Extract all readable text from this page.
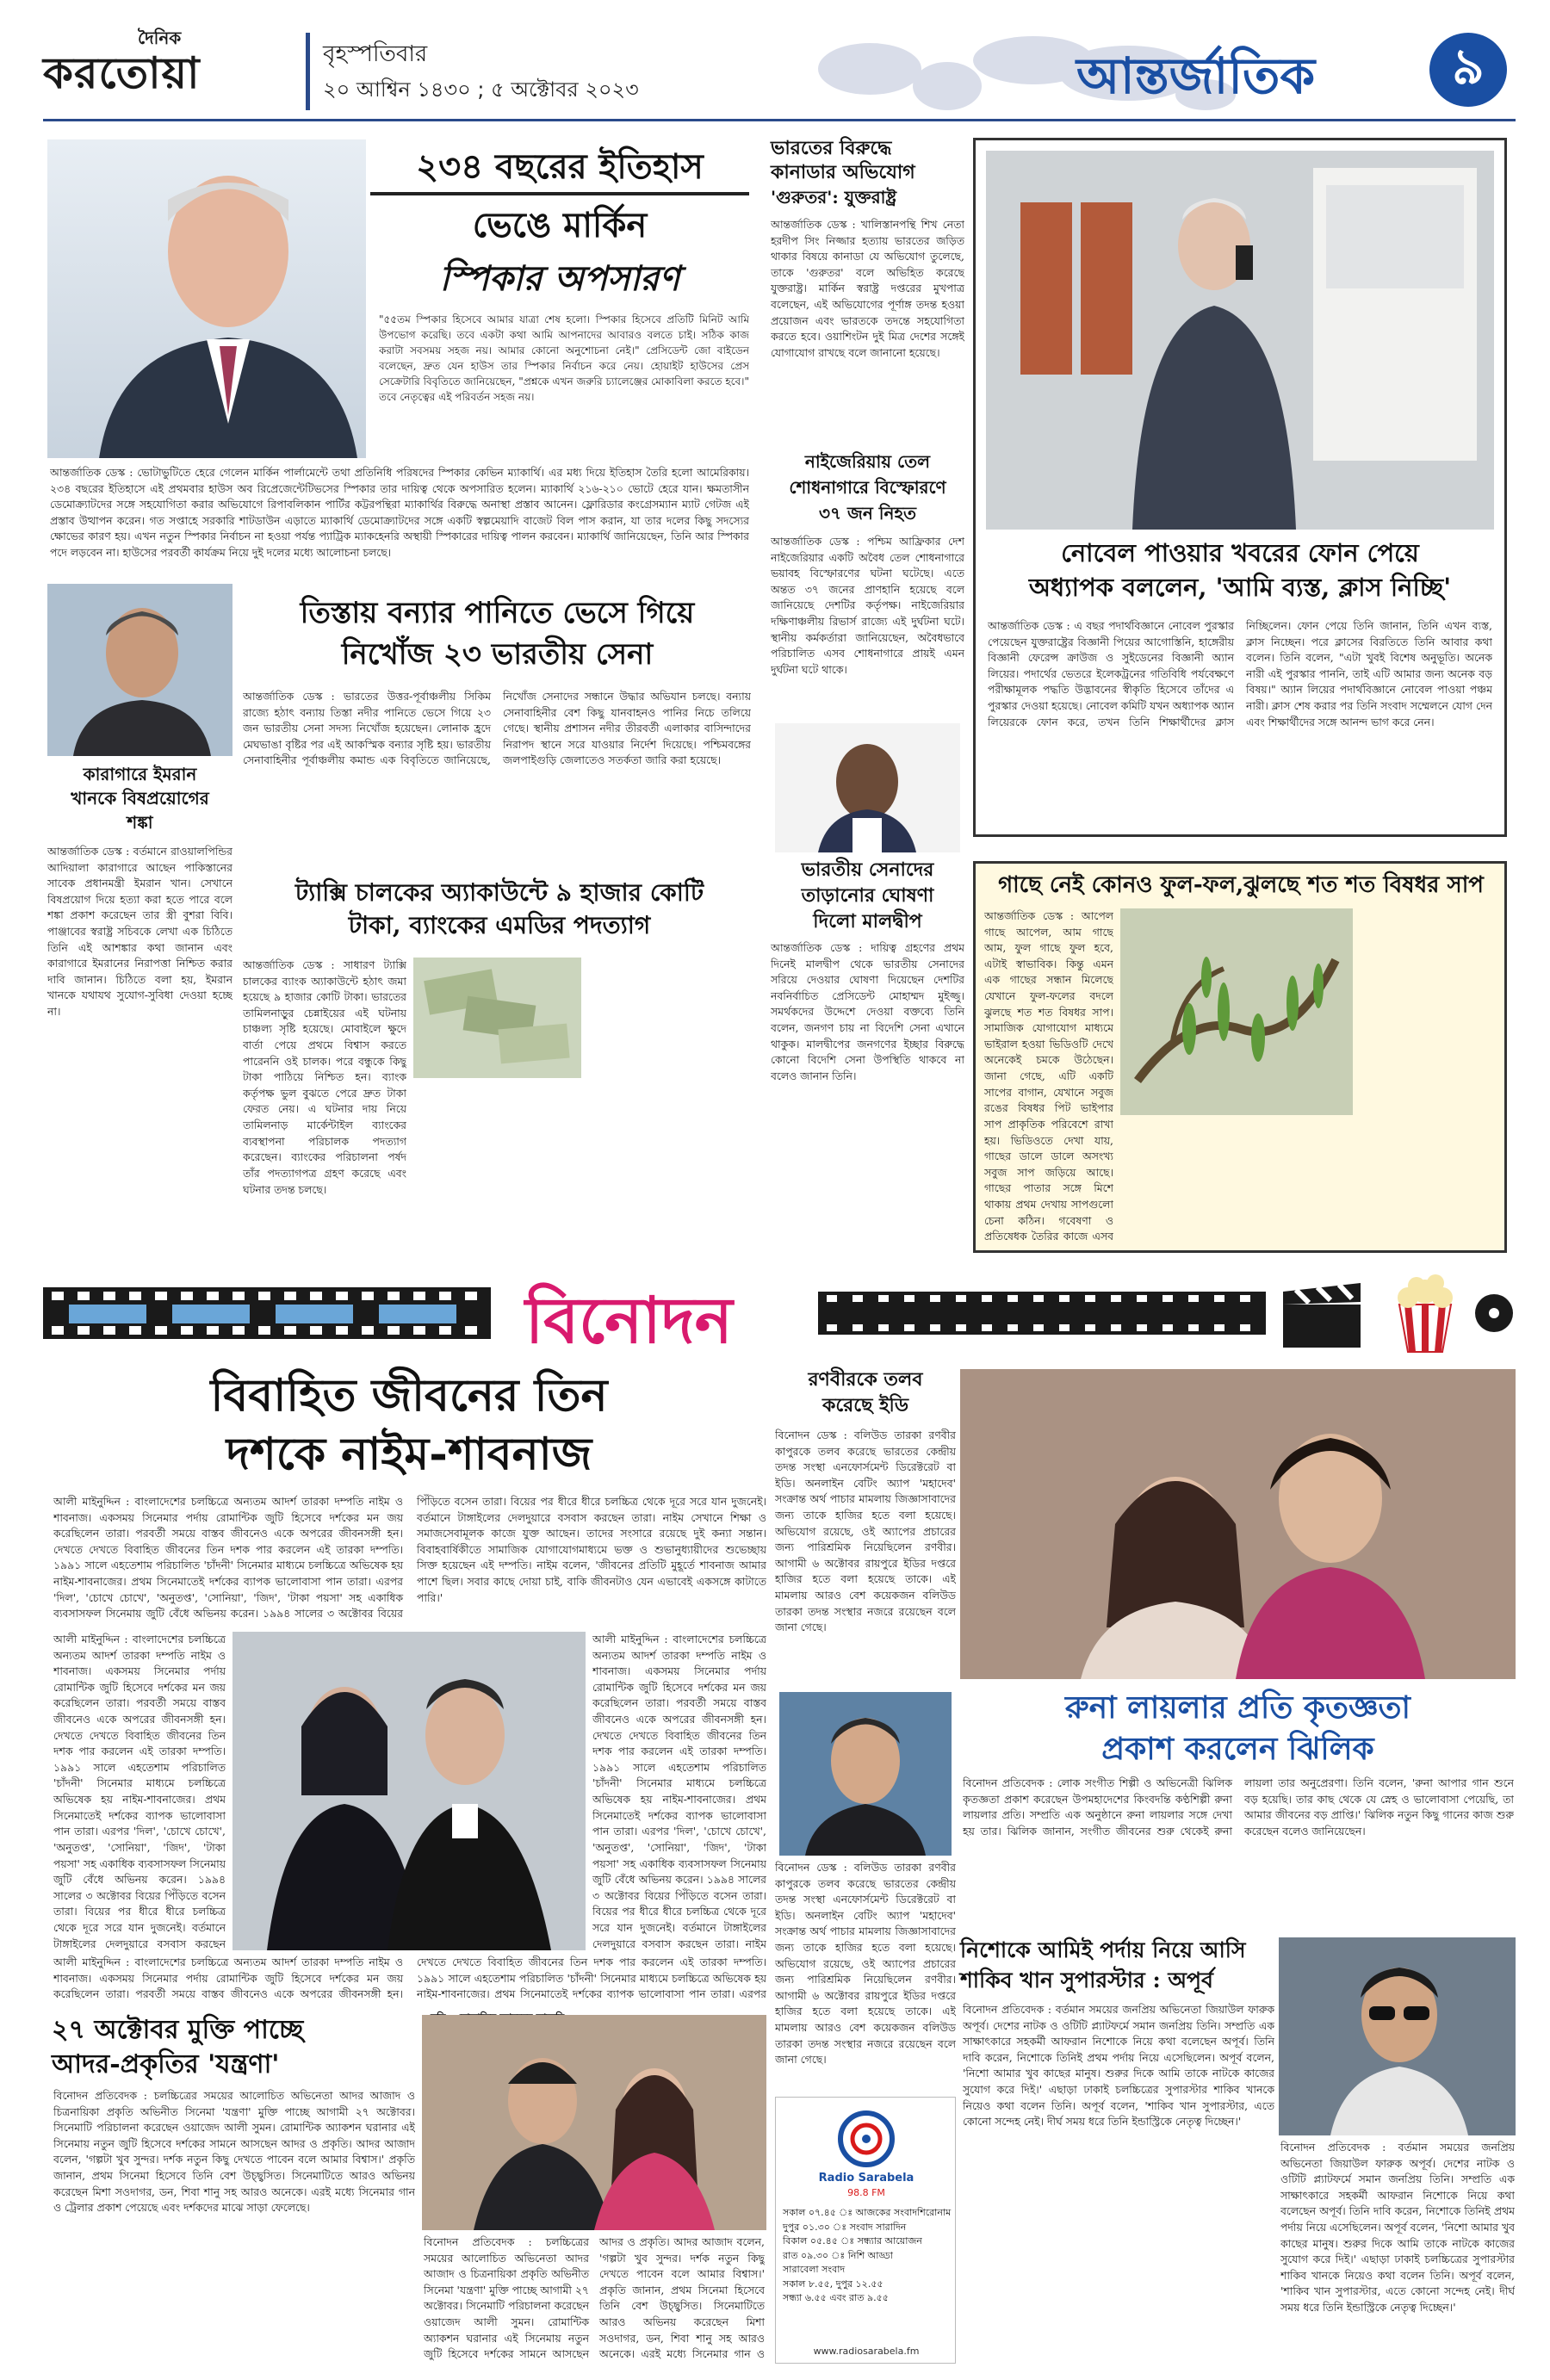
দৈনিক
করতোয়া	বৃহস্পতিবার
২০ আশ্বিন ১৪৩০ ; ৫ অক্টোবর ২০২৩	আন্তর্জাতিক	৯
২৩৪ বছরের ইতিহাস
ভেঙে মার্কিন
স্পিকার অপসারণ
"৫৫তম স্পিকার হিসেবে আমার যাত্রা শেষ হলো। স্পিকার হিসেবে প্রতিটি মিনিট আমি উপভোগ করেছি। তবে একটা কথা আমি আপনাদের আবারও বলতে চাই। সঠিক কাজ করাটা সবসময় সহজ নয়। আমার কোনো অনুশোচনা নেই।" প্রেসিডেন্ট জো বাইডেন বলেছেন, দ্রুত যেন হাউস তার স্পিকার নির্বাচন করে নেয়। হোয়াইট হাউসের প্রেস সেক্রেটারি বিবৃতিতে জানিয়েছেন, "প্রশ্নকে এখন জরুরি চ্যালেঞ্জের মোকাবিলা করতে হবে।" তবে নেতৃত্বের এই পরিবর্তন সহজ নয়।
আন্তর্জাতিক ডেস্ক : ভোটাভুটিতে হেরে গেলেন মার্কিন পার্লামেন্টে তথা প্রতিনিধি পরিষদের স্পিকার কেভিন ম্যাকার্থি। এর মধ্য দিয়ে ইতিহাস তৈরি হলো আমেরিকায়। ২৩৪ বছরের ইতিহাসে এই প্রথমবার হাউস অব রিপ্রেজেন্টেটিভসের স্পিকার তার দায়িত্ব থেকে অপসারিত হলেন। ম্যাকার্থি ২১৬-২১০ ভোটে হেরে যান। ক্ষমতাসীন ডেমোক্র্যাটদের সঙ্গে সহযোগিতা করার অভিযোগে রিপাবলিকান পার্টির কট্টরপন্থিরা ম্যাকার্থির বিরুদ্ধে অনাস্থা প্রস্তাব আনেন। ফ্লোরিডার কংগ্রেসম্যান ম্যাট গেটজ এই প্রস্তাব উত্থাপন করেন। গত সপ্তাহে সরকারি শাটডাউন এড়াতে ম্যাকার্থি ডেমোক্র্যাটদের সঙ্গে একটি স্বল্পমেয়াদি বাজেট বিল পাস করান, যা তার দলের কিছু সদস্যের ক্ষোভের কারণ হয়। এখন নতুন স্পিকার নির্বাচন না হওয়া পর্যন্ত প্যাট্রিক ম্যাকহেনরি অস্থায়ী স্পিকারের দায়িত্ব পালন করবেন। ম্যাকার্থি জানিয়েছেন, তিনি আর স্পিকার পদে লড়বেন না। হাউসের পরবর্তী কার্যক্রম নিয়ে দুই দলের মধ্যে আলোচনা চলছে।
ভারতের বিরুদ্ধে
কানাডার অভিযোগ
'গুরুতর': যুক্তরাষ্ট্র
আন্তর্জাতিক ডেস্ক : খালিস্তানপন্থি শিখ নেতা হরদীপ সিং নিজ্জার হত্যায় ভারতের জড়িত থাকার বিষয়ে কানাডা যে অভিযোগ তুলেছে, তাকে 'গুরুতর' বলে অভিহিত করেছে যুক্তরাষ্ট্র। মার্কিন স্বরাষ্ট্র দপ্তরের মুখপাত্র বলেছেন, এই অভিযোগের পূর্ণাঙ্গ তদন্ত হওয়া প্রয়োজন এবং ভারতকে তদন্তে সহযোগিতা করতে হবে। ওয়াশিংটন দুই মিত্র দেশের সঙ্গেই যোগাযোগ রাখছে বলে জানানো হয়েছে।
নাইজেরিয়ায় তেল
শোধনাগারে বিস্ফোরণে
৩৭ জন নিহত
আন্তর্জাতিক ডেস্ক : পশ্চিম আফ্রিকার দেশ নাইজেরিয়ার একটি অবৈধ তেল শোধনাগারে ভয়াবহ বিস্ফোরণের ঘটনা ঘটেছে। এতে অন্তত ৩৭ জনের প্রাণহানি হয়েছে বলে জানিয়েছে দেশটির কর্তৃপক্ষ। নাইজেরিয়ার দক্ষিণাঞ্চলীয় রিভার্স রাজ্যে এই দুর্ঘটনা ঘটে। স্থানীয় কর্মকর্তারা জানিয়েছেন, অবৈধভাবে পরিচালিত এসব শোধনাগারে প্রায়ই এমন দুর্ঘটনা ঘটে থাকে।
নোবেল পাওয়ার খবরের ফোন পেয়ে
অধ্যাপক বললেন, 'আমি ব্যস্ত, ক্লাস নিচ্ছি'
আন্তর্জাতিক ডেস্ক : এ বছর পদার্থবিজ্ঞানে নোবেল পুরস্কার পেয়েছেন যুক্তরাষ্ট্রের বিজ্ঞানী পিয়ের আগোস্তিনি, হাঙ্গেরীয় বিজ্ঞানী ফেরেন্স ক্রাউজ ও সুইডেনের বিজ্ঞানী অ্যান লিয়ের। পদার্থের ভেতরে ইলেকট্রনের গতিবিধি পর্যবেক্ষণে পরীক্ষামূলক পদ্ধতি উদ্ভাবনের স্বীকৃতি হিসেবে তাঁদের এ পুরস্কার দেওয়া হয়েছে। নোবেল কমিটি যখন অধ্যাপক অ্যান লিয়েরকে ফোন করে, তখন তিনি শিক্ষার্থীদের ক্লাস নিচ্ছিলেন। ফোন পেয়ে তিনি জানান, তিনি এখন ব্যস্ত, ক্লাস নিচ্ছেন। পরে ক্লাসের বিরতিতে তিনি আবার কথা বলেন। তিনি বলেন, "এটা খুবই বিশেষ অনুভূতি। অনেক নারী এই পুরস্কার পাননি, তাই এটি আমার জন্য অনেক বড় বিষয়।" অ্যান লিয়ের পদার্থবিজ্ঞানে নোবেল পাওয়া পঞ্চম নারী। ক্লাস শেষ করার পর তিনি সংবাদ সম্মেলনে যোগ দেন এবং শিক্ষার্থীদের সঙ্গে আনন্দ ভাগ করে নেন।
কারাগারে ইমরান
খানকে বিষপ্রয়োগের
শঙ্কা
আন্তর্জাতিক ডেস্ক : বর্তমানে রাওয়ালপিন্ডির আদিয়ালা কারাগারে আছেন পাকিস্তানের সাবেক প্রধানমন্ত্রী ইমরান খান। সেখানে বিষপ্রয়োগ দিয়ে হত্যা করা হতে পারে বলে শঙ্কা প্রকাশ করেছেন তার স্ত্রী বুশরা বিবি। পাঞ্জাবের স্বরাষ্ট্র সচিবকে লেখা এক চিঠিতে তিনি এই আশঙ্কার কথা জানান এবং কারাগারে ইমরানের নিরাপত্তা নিশ্চিত করার দাবি জানান। চিঠিতে বলা হয়, ইমরান খানকে যথাযথ সুযোগ-সুবিধা দেওয়া হচ্ছে না।
তিস্তায় বন্যার পানিতে ভেসে গিয়ে
নিখোঁজ ২৩ ভারতীয় সেনা
আন্তর্জাতিক ডেস্ক : ভারতের উত্তর-পূর্বাঞ্চলীয় সিকিম রাজ্যে হঠাৎ বন্যায় তিস্তা নদীর পানিতে ভেসে গিয়ে ২৩ জন ভারতীয় সেনা সদস্য নিখোঁজ হয়েছেন। লোনাক হ্রদে মেঘভাঙা বৃষ্টির পর এই আকস্মিক বন্যার সৃষ্টি হয়। ভারতীয় সেনাবাহিনীর পূর্বাঞ্চলীয় কমান্ড এক বিবৃতিতে জানিয়েছে, নিখোঁজ সেনাদের সন্ধানে উদ্ধার অভিযান চলছে। বন্যায় সেনাবাহিনীর বেশ কিছু যানবাহনও পানির নিচে তলিয়ে গেছে। স্থানীয় প্রশাসন নদীর তীরবর্তী এলাকার বাসিন্দাদের নিরাপদ স্থানে সরে যাওয়ার নির্দেশ দিয়েছে। পশ্চিমবঙ্গের জলপাইগুড়ি জেলাতেও সতর্কতা জারি করা হয়েছে।
ভারতীয় সেনাদের
তাড়ানোর ঘোষণা
দিলো মালদ্বীপ
আন্তর্জাতিক ডেস্ক : দায়িত্ব গ্রহণের প্রথম দিনেই মালদ্বীপ থেকে ভারতীয় সেনাদের সরিয়ে দেওয়ার ঘোষণা দিয়েছেন দেশটির নবনির্বাচিত প্রেসিডেন্ট মোহাম্মদ মুইজ্জু। সমর্থকদের উদ্দেশে দেওয়া বক্তব্যে তিনি বলেন, জনগণ চায় না বিদেশি সেনা এখানে থাকুক। মালদ্বীপের জনগণের ইচ্ছার বিরুদ্ধে কোনো বিদেশি সেনা উপস্থিতি থাকবে না বলেও জানান তিনি।
ট্যাক্সি চালকের অ্যাকাউন্টে ৯ হাজার কোটি
টাকা, ব্যাংকের এমডির পদত্যাগ
আন্তর্জাতিক ডেস্ক : সাধারণ ট্যাক্সি চালকের ব্যাংক অ্যাকাউন্টে হঠাৎ জমা হয়েছে ৯ হাজার কোটি টাকা। ভারতের তামিলনাড়ুর চেন্নাইয়ের এই ঘটনায় চাঞ্চল্য সৃষ্টি হয়েছে। মোবাইলে ক্ষুদে বার্তা পেয়ে প্রথমে বিশ্বাস করতে পারেননি ওই চালক। পরে বন্ধুকে কিছু টাকা পাঠিয়ে নিশ্চিত হন। ব্যাংক কর্তৃপক্ষ ভুল বুঝতে পেরে দ্রুত টাকা ফেরত নেয়। এ ঘটনার দায় নিয়ে তামিলনাড় মার্কেন্টাইল ব্যাংকের ব্যবস্থাপনা পরিচালক পদত্যাগ করেছেন। ব্যাংকের পরিচালনা পর্ষদ তাঁর পদত্যাগপত্র গ্রহণ করেছে এবং ঘটনার তদন্ত চলছে।
গাছে নেই কোনও ফুল-ফল,ঝুলছে শত শত বিষধর সাপ
আন্তর্জাতিক ডেস্ক : আপেল গাছে আপেল, আম গাছে আম, ফুল গাছে ফুল হবে, এটাই স্বাভাবিক। কিন্তু এমন এক গাছের সন্ধান মিলেছে যেখানে ফুল-ফলের বদলে ঝুলছে শত শত বিষধর সাপ। সামাজিক যোগাযোগ মাধ্যমে ভাইরাল হওয়া ভিডিওটি দেখে অনেকেই চমকে উঠেছেন। জানা গেছে, এটি একটি সাপের বাগান, যেখানে সবুজ রঙের বিষধর পিট ভাইপার সাপ প্রাকৃতিক পরিবেশে রাখা হয়। ভিডিওতে দেখা যায়, গাছের ডালে ডালে অসংখ্য সবুজ সাপ জড়িয়ে আছে। গাছের পাতার সঙ্গে মিশে থাকায় প্রথম দেখায় সাপগুলো চেনা কঠিন। গবেষণা ও প্রতিষেধক তৈরির কাজে এসব
বিনোদন
বিবাহিত জীবনের তিন
দশকে নাইম-শাবনাজ
আলী মাইনুদ্দিন : বাংলাদেশের চলচ্চিত্রে অন্যতম আদর্শ তারকা দম্পতি নাইম ও শাবনাজ। একসময় সিনেমার পর্দায় রোমান্টিক জুটি হিসেবে দর্শকের মন জয় করেছিলেন তারা। পরবর্তী সময়ে বাস্তব জীবনেও একে অপরের জীবনসঙ্গী হন। দেখতে দেখতে বিবাহিত জীবনের তিন দশক পার করলেন এই তারকা দম্পতি। ১৯৯১ সালে এহতেশাম পরিচালিত 'চাঁদনী' সিনেমার মাধ্যমে চলচ্চিত্রে অভিষেক হয় নাইম-শাবনাজের। প্রথম সিনেমাতেই দর্শকের ব্যাপক ভালোবাসা পান তারা। এরপর 'দিল', 'চোখে চোখে', 'অনুতপ্ত', 'সোনিয়া', 'জিদ', 'টাকা পয়সা' সহ একাধিক ব্যবসাসফল সিনেমায় জুটি বেঁধে অভিনয় করেন। ১৯৯৪ সালের ৩ অক্টোবর বিয়ের পিঁড়িতে বসেন তারা। বিয়ের পর ধীরে ধীরে চলচ্চিত্র থেকে দূরে সরে যান দুজনেই। বর্তমানে টাঙ্গাইলের দেলদুয়ারে বসবাস করছেন তারা। নাইম সেখানে শিক্ষা ও সমাজসেবামূলক কাজে যুক্ত আছেন। তাদের সংসারে রয়েছে দুই কন্যা সন্তান। বিবাহবার্ষিকীতে সামাজিক যোগাযোগমাধ্যমে ভক্ত ও শুভানুধ্যায়ীদের শুভেচ্ছায় সিক্ত হয়েছেন এই দম্পতি। নাইম বলেন, 'জীবনের প্রতিটি মুহূর্তে শাবনাজ আমার পাশে ছিল। সবার কাছে দোয়া চাই, বাকি জীবনটাও যেন এভাবেই একসঙ্গে কাটাতে পারি।'
আলী মাইনুদ্দিন : বাংলাদেশের চলচ্চিত্রে অন্যতম আদর্শ তারকা দম্পতি নাইম ও শাবনাজ। একসময় সিনেমার পর্দায় রোমান্টিক জুটি হিসেবে দর্শকের মন জয় করেছিলেন তারা। পরবর্তী সময়ে বাস্তব জীবনেও একে অপরের জীবনসঙ্গী হন। দেখতে দেখতে বিবাহিত জীবনের তিন দশক পার করলেন এই তারকা দম্পতি। ১৯৯১ সালে এহতেশাম পরিচালিত 'চাঁদনী' সিনেমার মাধ্যমে চলচ্চিত্রে অভিষেক হয় নাইম-শাবনাজের। প্রথম সিনেমাতেই দর্শকের ব্যাপক ভালোবাসা পান তারা। এরপর 'দিল', 'চোখে চোখে', 'অনুতপ্ত', 'সোনিয়া', 'জিদ', 'টাকা পয়সা' সহ একাধিক ব্যবসাসফল সিনেমায় জুটি বেঁধে অভিনয় করেন। ১৯৯৪ সালের ৩ অক্টোবর বিয়ের পিঁড়িতে বসেন তারা। বিয়ের পর ধীরে ধীরে চলচ্চিত্র থেকে দূরে সরে যান দুজনেই। বর্তমানে টাঙ্গাইলের দেলদুয়ারে বসবাস করছেন
আলী মাইনুদ্দিন : বাংলাদেশের চলচ্চিত্রে অন্যতম আদর্শ তারকা দম্পতি নাইম ও শাবনাজ। একসময় সিনেমার পর্দায় রোমান্টিক জুটি হিসেবে দর্শকের মন জয় করেছিলেন তারা। পরবর্তী সময়ে বাস্তব জীবনেও একে অপরের জীবনসঙ্গী হন। দেখতে দেখতে বিবাহিত জীবনের তিন দশক পার করলেন এই তারকা দম্পতি। ১৯৯১ সালে এহতেশাম পরিচালিত 'চাঁদনী' সিনেমার মাধ্যমে চলচ্চিত্রে অভিষেক হয় নাইম-শাবনাজের। প্রথম সিনেমাতেই দর্শকের ব্যাপক ভালোবাসা পান তারা। এরপর 'দিল', 'চোখে চোখে', 'অনুতপ্ত', 'সোনিয়া', 'জিদ', 'টাকা পয়সা' সহ একাধিক ব্যবসাসফল সিনেমায় জুটি বেঁধে অভিনয় করেন। ১৯৯৪ সালের ৩ অক্টোবর বিয়ের পিঁড়িতে বসেন তারা। বিয়ের পর ধীরে ধীরে চলচ্চিত্র থেকে দূরে সরে যান দুজনেই। বর্তমানে টাঙ্গাইলের দেলদুয়ারে বসবাস করছেন তারা। নাইম
আলী মাইনুদ্দিন : বাংলাদেশের চলচ্চিত্রে অন্যতম আদর্শ তারকা দম্পতি নাইম ও শাবনাজ। একসময় সিনেমার পর্দায় রোমান্টিক জুটি হিসেবে দর্শকের মন জয় করেছিলেন তারা। পরবর্তী সময়ে বাস্তব জীবনেও একে অপরের জীবনসঙ্গী হন। দেখতে দেখতে বিবাহিত জীবনের তিন দশক পার করলেন এই তারকা দম্পতি। ১৯৯১ সালে এহতেশাম পরিচালিত 'চাঁদনী' সিনেমার মাধ্যমে চলচ্চিত্রে অভিষেক হয় নাইম-শাবনাজের। প্রথম সিনেমাতেই দর্শকের ব্যাপক ভালোবাসা পান তারা। এরপর
রণবীরকে তলব
করেছে ইডি
বিনোদন ডেস্ক : বলিউড তারকা রণবীর কাপুরকে তলব করেছে ভারতের কেন্দ্রীয় তদন্ত সংস্থা এনফোর্সমেন্ট ডিরেক্টরেট বা ইডি। অনলাইন বেটিং অ্যাপ 'মহাদেব' সংক্রান্ত অর্থ পাচার মামলায় জিজ্ঞাসাবাদের জন্য তাকে হাজির হতে বলা হয়েছে। অভিযোগ রয়েছে, ওই অ্যাপের প্রচারের জন্য পারিশ্রমিক নিয়েছিলেন রণবীর। আগামী ৬ অক্টোবর রায়পুরে ইডির দপ্তরে হাজির হতে বলা হয়েছে তাকে। এই মামলায় আরও বেশ কয়েকজন বলিউড তারকা তদন্ত সংস্থার নজরে রয়েছেন বলে জানা গেছে।
বিনোদন ডেস্ক : বলিউড তারকা রণবীর কাপুরকে তলব করেছে ভারতের কেন্দ্রীয় তদন্ত সংস্থা এনফোর্সমেন্ট ডিরেক্টরেট বা ইডি। অনলাইন বেটিং অ্যাপ 'মহাদেব' সংক্রান্ত অর্থ পাচার মামলায় জিজ্ঞাসাবাদের জন্য তাকে হাজির হতে বলা হয়েছে। অভিযোগ রয়েছে, ওই অ্যাপের প্রচারের জন্য পারিশ্রমিক নিয়েছিলেন রণবীর। আগামী ৬ অক্টোবর রায়পুরে ইডির দপ্তরে হাজির হতে বলা হয়েছে তাকে। এই মামলায় আরও বেশ কয়েকজন বলিউড তারকা তদন্ত সংস্থার নজরে রয়েছেন বলে জানা গেছে।
রুনা লায়লার প্রতি কৃতজ্ঞতা
প্রকাশ করলেন ঝিলিক
বিনোদন প্রতিবেদক : লোক সংগীত শিল্পী ও অভিনেত্রী ঝিলিক কৃতজ্ঞতা প্রকাশ করেছেন উপমহাদেশের কিংবদন্তি কণ্ঠশিল্পী রুনা লায়লার প্রতি। সম্প্রতি এক অনুষ্ঠানে রুনা লায়লার সঙ্গে দেখা হয় তার। ঝিলিক জানান, সংগীত জীবনের শুরু থেকেই রুনা লায়লা তার অনুপ্রেরণা। তিনি বলেন, 'রুনা আপার গান শুনে বড় হয়েছি। তার কাছ থেকে যে স্নেহ ও ভালোবাসা পেয়েছি, তা আমার জীবনের বড় প্রাপ্তি।' ঝিলিক নতুন কিছু গানের কাজ শুরু করেছেন বলেও জানিয়েছেন।
২৭ অক্টোবর মুক্তি পাচ্ছে
আদর-প্রকৃতির 'যন্ত্রণা'
বিনোদন প্রতিবেদক : চলচ্চিত্রের সময়ের আলোচিত অভিনেতা আদর আজাদ ও চিত্রনায়িকা প্রকৃতি অভিনীত সিনেমা 'যন্ত্রণা' মুক্তি পাচ্ছে আগামী ২৭ অক্টোবর। সিনেমাটি পরিচালনা করেছেন ওয়াজেদ আলী সুমন। রোমান্টিক অ্যাকশন ঘরানার এই সিনেমায় নতুন জুটি হিসেবে দর্শকের সামনে আসছেন আদর ও প্রকৃতি। আদর আজাদ বলেন, 'গল্পটা খুব সুন্দর। দর্শক নতুন কিছু দেখতে পাবেন বলে আমার বিশ্বাস।' প্রকৃতি জানান, প্রথম সিনেমা হিসেবে তিনি বেশ উচ্ছ্বসিত। সিনেমাটিতে আরও অভিনয় করেছেন মিশা সওদাগর, ডন, শিবা শানু সহ আরও অনেকে। এরই মধ্যে সিনেমার গান ও ট্রেলার প্রকাশ পেয়েছে এবং দর্শকদের মাঝে সাড়া ফেলেছে।
বিনোদন প্রতিবেদক : চলচ্চিত্রের সময়ের আলোচিত অভিনেতা আদর আজাদ ও চিত্রনায়িকা প্রকৃতি অভিনীত সিনেমা 'যন্ত্রণা' মুক্তি পাচ্ছে আগামী ২৭ অক্টোবর। সিনেমাটি পরিচালনা করেছেন ওয়াজেদ আলী সুমন। রোমান্টিক অ্যাকশন ঘরানার এই সিনেমায় নতুন জুটি হিসেবে দর্শকের সামনে আসছেন আদর ও প্রকৃতি। আদর আজাদ বলেন, 'গল্পটা খুব সুন্দর। দর্শক নতুন কিছু দেখতে পাবেন বলে আমার বিশ্বাস।' প্রকৃতি জানান, প্রথম সিনেমা হিসেবে তিনি বেশ উচ্ছ্বসিত। সিনেমাটিতে আরও অভিনয় করেছেন মিশা সওদাগর, ডন, শিবা শানু সহ আরও অনেকে। এরই মধ্যে সিনেমার গান ও
Radio Sarabela
98.8 FM
সকাল ০৭.৪৫ ঃ আজকের সংবাদশিরোনাম
দুপুর ০১.৩০ ঃ সংবাদ সারাদিন
বিকাল ০৫.৪৫ ঃ সন্ধ্যার আয়োজন
রাত ০৯.৩০ ঃ নিশি আড্ডা
সারাবেলা সংবাদ
সকাল ৮.৫৫, দুপুর ১২.৫৫
সন্ধ্যা ৬.৫৫ এবং রাত ৯.৫৫
www.radiosarabela.fm
নিশোকে আমিই পর্দায় নিয়ে আসি
শাকিব খান সুপারস্টার : অপূর্ব
বিনোদন প্রতিবেদক : বর্তমান সময়ের জনপ্রিয় অভিনেতা জিয়াউল ফারুক অপূর্ব। দেশের নাটক ও ওটিটি প্ল্যাটফর্মে সমান জনপ্রিয় তিনি। সম্প্রতি এক সাক্ষাৎকারে সহকর্মী আফরান নিশোকে নিয়ে কথা বলেছেন অপূর্ব। তিনি দাবি করেন, নিশোকে তিনিই প্রথম পর্দায় নিয়ে এসেছিলেন। অপূর্ব বলেন, 'নিশো আমার খুব কাছের মানুষ। শুরুর দিকে আমি তাকে নাটকে কাজের সুযোগ করে দিই।' এছাড়া ঢাকাই চলচ্চিত্রের সুপারস্টার শাকিব খানকে নিয়েও কথা বলেন তিনি। অপূর্ব বলেন, 'শাকিব খান সুপারস্টার, এতে কোনো সন্দেহ নেই। দীর্ঘ সময় ধরে তিনি ইন্ডাস্ট্রিকে নেতৃত্ব দিচ্ছেন।'
বিনোদন প্রতিবেদক : বর্তমান সময়ের জনপ্রিয় অভিনেতা জিয়াউল ফারুক অপূর্ব। দেশের নাটক ও ওটিটি প্ল্যাটফর্মে সমান জনপ্রিয় তিনি। সম্প্রতি এক সাক্ষাৎকারে সহকর্মী আফরান নিশোকে নিয়ে কথা বলেছেন অপূর্ব। তিনি দাবি করেন, নিশোকে তিনিই প্রথম পর্দায় নিয়ে এসেছিলেন। অপূর্ব বলেন, 'নিশো আমার খুব কাছের মানুষ। শুরুর দিকে আমি তাকে নাটকে কাজের সুযোগ করে দিই।' এছাড়া ঢাকাই চলচ্চিত্রের সুপারস্টার শাকিব খানকে নিয়েও কথা বলেন তিনি। অপূর্ব বলেন, 'শাকিব খান সুপারস্টার, এতে কোনো সন্দেহ নেই। দীর্ঘ সময় ধরে তিনি ইন্ডাস্ট্রিকে নেতৃত্ব দিচ্ছেন।'
